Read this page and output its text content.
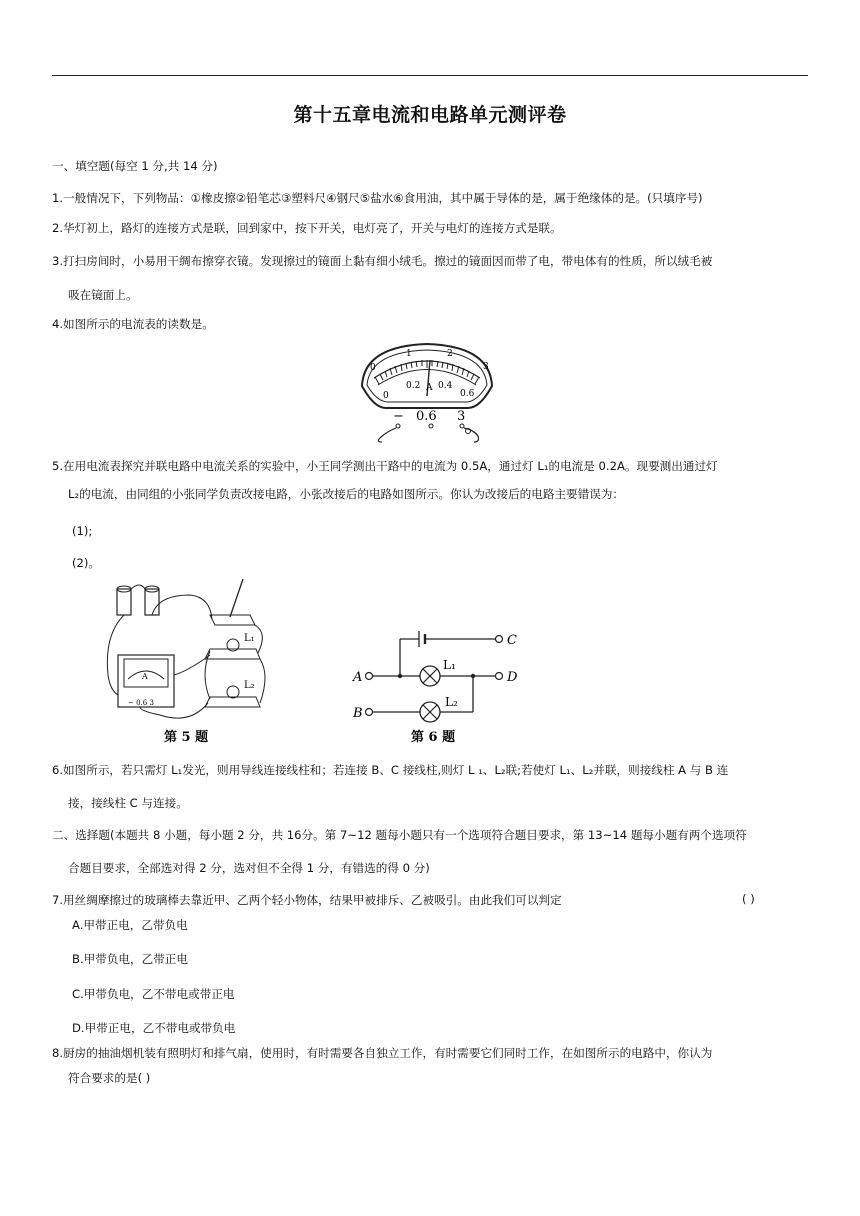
第十五章电流和电路单元测评卷
一、填空题(每空 1 分,共 14 分)
1.一般情况下，下列物品：①橡皮擦②铅笔芯③塑料尺④钢尺⑤盐水⑥食用油，其中属于导体的是，属于绝缘体的是。(只填序号)
2.华灯初上，路灯的连接方式是联，回到家中，按下开关，电灯亮了，开关与电灯的连接方式是联。
3.打扫房间时，小易用干绸布擦穿衣镜。发现擦过的镜面上黏有细小绒毛。擦过的镜面因而带了电，带电体有的性质，所以绒毛被
吸在镜面上。
4.如图所示的电流表的读数是。
0
1	2
3
0
0.2 A 0.4
0.6
− 0.6 3
5.在用电流表探究并联电路中电流关系的实验中，小王同学测出干路中的电流为 0.5A，通过灯 L₁的电流是 0.2A。现要测出通过灯
L₂的电流，由同组的小张同学负责改接电路，小张改接后的电路如图所示。你认为改接后的电路主要错误为：
(1);
(2)。
L₁
L₂
A
− 0.6 3
第 5 题
C
A
L₁
D
B
L₂
第 6 题
6.如图所示，若只需灯 L₁发光，则用导线连接线柱和；若连接 B、C 接线柱,则灯 L ₁、L₂联;若使灯 L₁、L₂并联，则接线柱 A 与 B 连
接，接线柱 C 与连接。
二、选择题(本题共 8 小题，每小题 2 分，共 16分。第 7~12 题每小题只有一个选项符合题目要求，第 13~14 题每小题有两个选项符
合题目要求，全部选对得 2 分，选对但不全得 1 分，有错选的得 0 分)
7.用丝绸摩擦过的玻璃棒去靠近甲、乙两个轻小物体，结果甲被排斥、乙被吸引。由此我们可以判定	( )
A.甲带正电，乙带负电
B.甲带负电，乙带正电
C.甲带负电，乙不带电或带正电
D.甲带正电，乙不带电或带负电
8.厨房的抽油烟机装有照明灯和排气扇，使用时，有时需要各自独立工作，有时需要它们同时工作，在如图所示的电路中，你认为
符合要求的是( )
